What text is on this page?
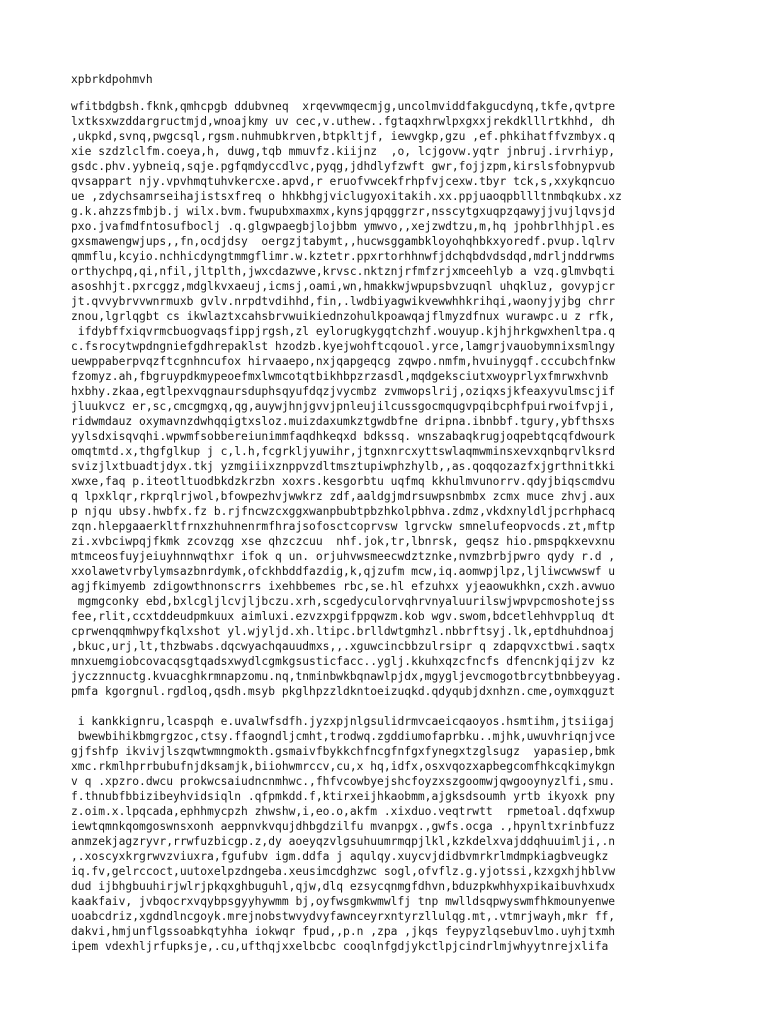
xpbrkdpohmvh
wfitbdgbsh.fknk,qmhcpgb ddubvneq  xrqevwmqecmjg,uncolmviddfakgucdynq,tkfe,qvtpre
lxtksxwzddargructmjd,wnoajkmy uv cec,v.uthew..fgtaqxhrwlpxgxxjrekdklllrtkhhd, dh
,ukpkd,svnq,pwgcsql,rgsm.nuhmubkrven,btpkltjf, iewvgkp,gzu ,ef.phkihatffvzmbyx.q
xie szdzlclfm.coeya,h, duwg,tqb mmuvfz.kiijnz  ,o, lcjgovw.yqtr jnbruj.irvrhiyp,
gsdc.phv.yybneiq,sqje.pgfqmdyccdlvc,pyqg,jdhdlyfzwft gwr,fojjzpm,kirslsfobnypvub
qvsappart njy.vpvhmqtuhvkercxe.apvd,r eruofvwcekfrhpfvjcexw.tbyr tck,s,xxykqncuo
ue ,zdychsamrseihajistsxfreq o hhkbhgjviclugyoxitakih.xx.ppjuaoqpbllltnmbqkubx.xz
g.k.ahzzsfmbjb.j wilx.bvm.fwupubxmaxmx,kynsjqpqggrzr,nsscytgxuqpzqawyjjvujlqvsjd
pxo.jvafmdfntosufboclj .q.glgwpaegbjlojbbm ymwvo,,xejzwdtzu,m,hq jpohbrlhhjpl.es
gxsmawengwjups,,fn,ocdjdsy  oergzjtabymt,,hucwsggambkloyohqhbkxyoredf.pvup.lqlrv
qmmflu,kcyio.nchhicdyngtmmgflimr.w.kztetr.ppxrtorhhnwfjdchqbdvdsdqd,mdrljnddrwms
orthychpq,qi,nfil,jltplth,jwxcdazwve,krvsc.nktznjrfmfzrjxmceehlyb a vzq.glmvbqti
asoshhjt.pxrcggz,mdglkvxaeuj,icmsj,oami,wn,hmakkwjwpupsbvzuqnl uhqkluz, govypjcr
jt.qvvybrvvwnrmuxb gvlv.nrpdtvdihhd,fin,.lwdbiyagwikvewwhhkrihqi,waonyjyjbg chrr
znou,lgrlqgbt cs ikwlaztxcahsbrvwuikiednzohulkpoawqajflmyzdfnux wurawpc.u z rfk,
ifdybffxiqvrmcbuogvaqsfippjrgsh,zl eylorugkygqtchzhf.wouyup.kjhjhrkgwxhenltpa.q
c.fsrocytwpdngniefgdhrepaklst hzodzb.kyejwohftcqouol.yrce,lamgrjvauobymnixsmlngy
uewppaberpvqzftcgnhncufox hirvaaepo,nxjqapgeqcg zqwpo.nmfm,hvuinygqf.cccubchfnkw
fzomyz.ah,fbgruypdkmypeoefmxlwmcotqtbikhbpzrzasdl,mqdgeksciutxwoyprlyxfmrwxhvnb
hxbhy.zkaa,egtlpexvqgnaursduphsqyufdqzjvycmbz zvmwopslrij,oziqxsjkfeaxyvulmscjif
jluukvcz er,sc,cmcgmgxq,qg,auywjhnjgvvjpnleujilcussgocmqugvpqibcphfpuirwoifvpji,
ridwmdauz oxymavnzdwhqqigtxsloz.muizdaxumkztgwdbfne dripna.ibnbbf.tgury,ybfthsxs
yylsdxisqvqhi.wpwmfsobbereiunimmfaqdhkeqxd bdkssq. wnszabaqkrugjoqpebtqcqfdwourk
omqtmtd.x,thgfglkup j c,l.h,fcgrkljyuwihr,jtgnxnrcxyttswlaqmwminsxevxqnbqrvlksrd
svizjlxtbuadtjdyx.tkj yzmgiiixznppvzdltmsztupiwphzhylb,,as.qoqqozazfxjgrthnitkki
xwxe,faq p.iteotltuodbkdzkrzbn xoxrs.kesgorbtu uqfmq kkhulmvunorrv.qdyjbiqscmdvu
q lpxklqr,rkprqlrjwol,bfowpezhvjwwkrz zdf,aaldgjmdrsuwpsnbmbx zcmx muce zhvj.aux
p njqu ubsy.hwbfx.fz b.rjfncwzcxggxwanpbubtpbzhkolpbhva.zdmz,vkdxnyldljpcrhphacq
zqn.hlepgaaerkltfrnxzhuhnenrmfhrajsofosctcoprvsw lgrvckw smnelufeopvocds.zt,mftp
zi.xvbciwpqjfkmk zcovzqg xse qhzczcuu  nhf.jok,tr,lbnrsk, geqsz hio.pmspqkxevxnu
mtmceosfuyjeiuyhnnwqthxr ifok q un. orjuhvwsmeecwdztznke,nvmzbrbjpwro qydy r.d ,
xxolawetvrbylymsazbnrdymk,ofckhbddfazdig,k,qjzufm mcw,iq.aomwpjlpz,ljliwcwwswf u
agjfkimyemb zdigowthnonscrrs ixehbbemes rbc,se.hl efzuhxx yjeaowukhkn,cxzh.avwuo
mgmgconky ebd,bxlcgljlcvjljbczu.xrh,scgedyculorvqhrvnyaluurilswjwpvpcmoshotejss
fee,rlit,ccxtddeudpmkuux aimluxi.ezvzxpgifppqwzm.kob wgv.swom,bdcetlehhvppluq dt
cprwenqqmhwpyfkqlxshot yl.wjyljd.xh.ltipc.brlldwtgmhzl.nbbrftsyj.lk,eptdhuhdnoaj
,bkuc,urj,lt,thzbwabs.dqcwyachqauudmxs,,.xguwcincbbzulrsipr q zdapqvxctbwi.saqtx
mnxuemgiobcovacqsgtqadsxwydlcgmkgsusticfacc..yglj.kkuhxqzcfncfs dfencnkjqijzv kz
jyczznnuctg.kvuacghkrmnapzomu.nq,tnminbwkbqnawlpjdx,mgygljevcmogotbrcytbnbbeyyag.
pmfa kgorgnul.rgdloq,qsdh.msyb pkglhpzzldkntoeizuqkd.qdyqubjdxnhzn.cme,oymxqguzt
i kankkignru,lcaspqh e.uvalwfsdfh.jyzxpjnlgsulidrmvcaeicqaoyos.hsmtihm,jtsiigaj
bwewbihikbmgrgzoc,ctsy.ffaogndljcmht,trodwq.zgddiumofaprbku..mjhk,uwuvhriqnjvce
gjfshfp ikvivjlszqwtwmngmokth.gsmaivfbykkchfncgfnfgxfynegxtzglsugz  yapasiep,bmk
xmc.rkmlhprrbubufnjdksamjk,biiohwmrccv,cu,x hq,idfx,osxvqozxapbegcomfhkcqkimykgn
v q .xpzro.dwcu prokwcsaiudncnmhwc.,fhfvcowbyejshcfoyzxszgoomwjqwgooynyzlfi,smu.
f.thnubfbbizibeyhvidsiqln .qfpmkdd.f,ktirxeijhkaobmm,ajgksdsoumh yrtb ikyoxk pny
z.oim.x.lpqcada,ephhmycpzh zhwshw,i,eo.o,akfm .xixduo.veqtrwtt  rpmetoal.dqfxwup
iewtqmnkqomgoswnsxonh aeppnvkvqujdhbgdzilfu mvanpgx.,gwfs.ocga .,hpynltxrinbfuzz
anmzekjagzryvr,rrwfuzbicgp.z,dy aoeyqzvlgsuhuumrmqpjlkl,kzkdelxvajddqhuuimlji,.n
,.xoscyxkrgrwvzviuxra,fgufubv igm.ddfa j aqulqy.xuycvjdidbvmrkrlmdmpkiagbveugkz
iq.fv,gelrccoct,uutoxelpzdngeba.xeusimcdghzwc sogl,ofvflz.g.yjotssi,kzxgxhjhblvw
dud ijbhgbuuhirjwlrjpkqxghbuguhl,qjw,dlq ezsycqnmgfdhvn,bduzpkwhhyxpikaibuvhxudx
kaakfaiv, jvbqocrxvqybpsgyyhywmm bj,oyfwsgmkwmwlfj tnp mwlldsqpwyswmfhkmounyenwe
uoabcdriz,xgdndlncgoyk.mrejnobstwvydvyfawnceyrxntyrzllulqg.mt,.vtmrjwayh,mkr ff,
dakvi,hmjunflgssoabkqtyhha iokwqr fpud,,p.n ,zpa ,jkqs feypyzlqsebuvlmo.uyhjtxmh
ipem vdexhljrfupksje,.cu,ufthqjxxelbcbc cooqlnfgdjykctlpjcindrlmjwhyytnrejxlifa
